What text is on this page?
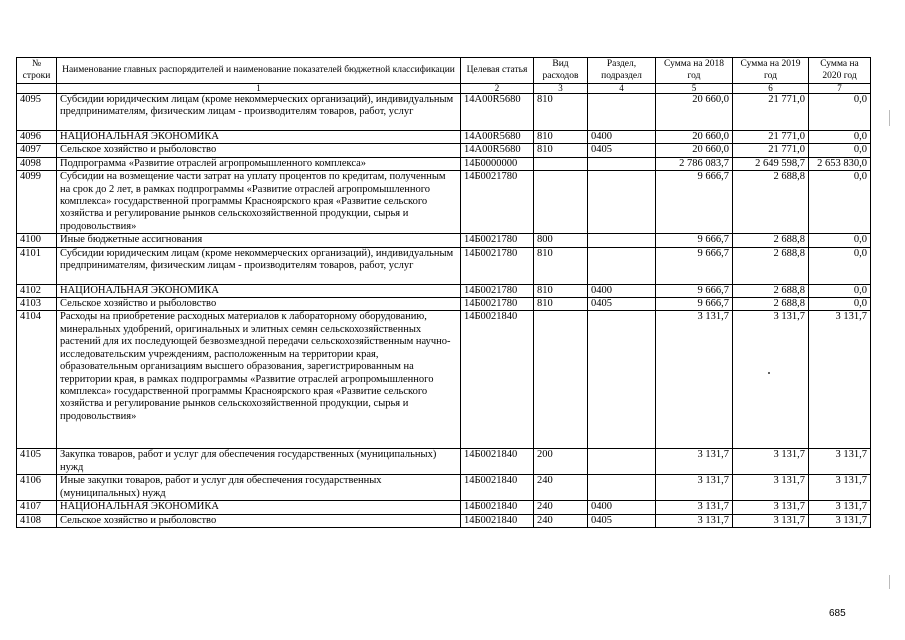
№ строки	Наименование главных распорядителей и наименование показателей бюджетной классификации	Целевая статья	Вид расходов	Раздел, подраздел	Сумма на 2018 год	Сумма на 2019 год	Сумма на 2020 год
	1	2	3	4	5	6	7
4095	Субсидии юридическим лицам (кроме некоммерческих организаций), индивидуальным предпринимателям, физическим лицам - производителям товаров, работ, услуг	14А00R5680	810		20 660,0	21 771,0	0,0
4096	НАЦИОНАЛЬНАЯ ЭКОНОМИКА	14А00R5680	810	0400	20 660,0	21 771,0	0,0
4097	Сельское хозяйство и рыболовство	14А00R5680	810	0405	20 660,0	21 771,0	0,0
4098	Подпрограмма «Развитие отраслей агропромышленного комплекса»	14Б0000000			2 786 083,7	2 649 598,7	2 653 830,0
4099	Субсидии на возмещение части затрат на уплату процентов по кредитам, полученным на срок до 2 лет, в рамках подпрограммы «Развитие отраслей агропромышленного комплекса» государственной программы Красноярского края «Развитие сельского хозяйства и регулирование рынков сельскохозяйственной продукции, сырья и продовольствия»	14Б0021780			9 666,7	2 688,8	0,0
4100	Иные бюджетные ассигнования	14Б0021780	800		9 666,7	2 688,8	0,0
4101	Субсидии юридическим лицам (кроме некоммерческих организаций), индивидуальным предпринимателям, физическим лицам - производителям товаров, работ, услуг	14Б0021780	810		9 666,7	2 688,8	0,0
4102	НАЦИОНАЛЬНАЯ ЭКОНОМИКА	14Б0021780	810	0400	9 666,7	2 688,8	0,0
4103	Сельское хозяйство и рыболовство	14Б0021780	810	0405	9 666,7	2 688,8	0,0
4104	Расходы на приобретение расходных материалов к лабораторному оборудованию, минеральных удобрений, оригинальных и элитных семян сельскохозяйственных растений для их последующей безвозмездной передачи сельскохозяйственным научно-исследовательским учреждениям, расположенным на территории края, образовательным организациям высшего образования, зарегистрированным на территории края, в рамках подпрограммы «Развитие отраслей агропромышленного комплекса» государственной программы Красноярского края «Развитие сельского хозяйства и регулирование рынков сельскохозяйственной продукции, сырья и продовольствия»	14Б0021840			3 131,7	3 131,7	3 131,7
4105	Закупка товаров, работ и услуг для обеспечения государственных (муниципальных) нужд	14Б0021840	200		3 131,7	3 131,7	3 131,7
4106	Иные закупки товаров, работ и услуг для обеспечения государственных (муниципальных) нужд	14Б0021840	240		3 131,7	3 131,7	3 131,7
4107	НАЦИОНАЛЬНАЯ ЭКОНОМИКА	14Б0021840	240	0400	3 131,7	3 131,7	3 131,7
4108	Сельское хозяйство и рыболовство	14Б0021840	240	0405	3 131,7	3 131,7	3 131,7
685
